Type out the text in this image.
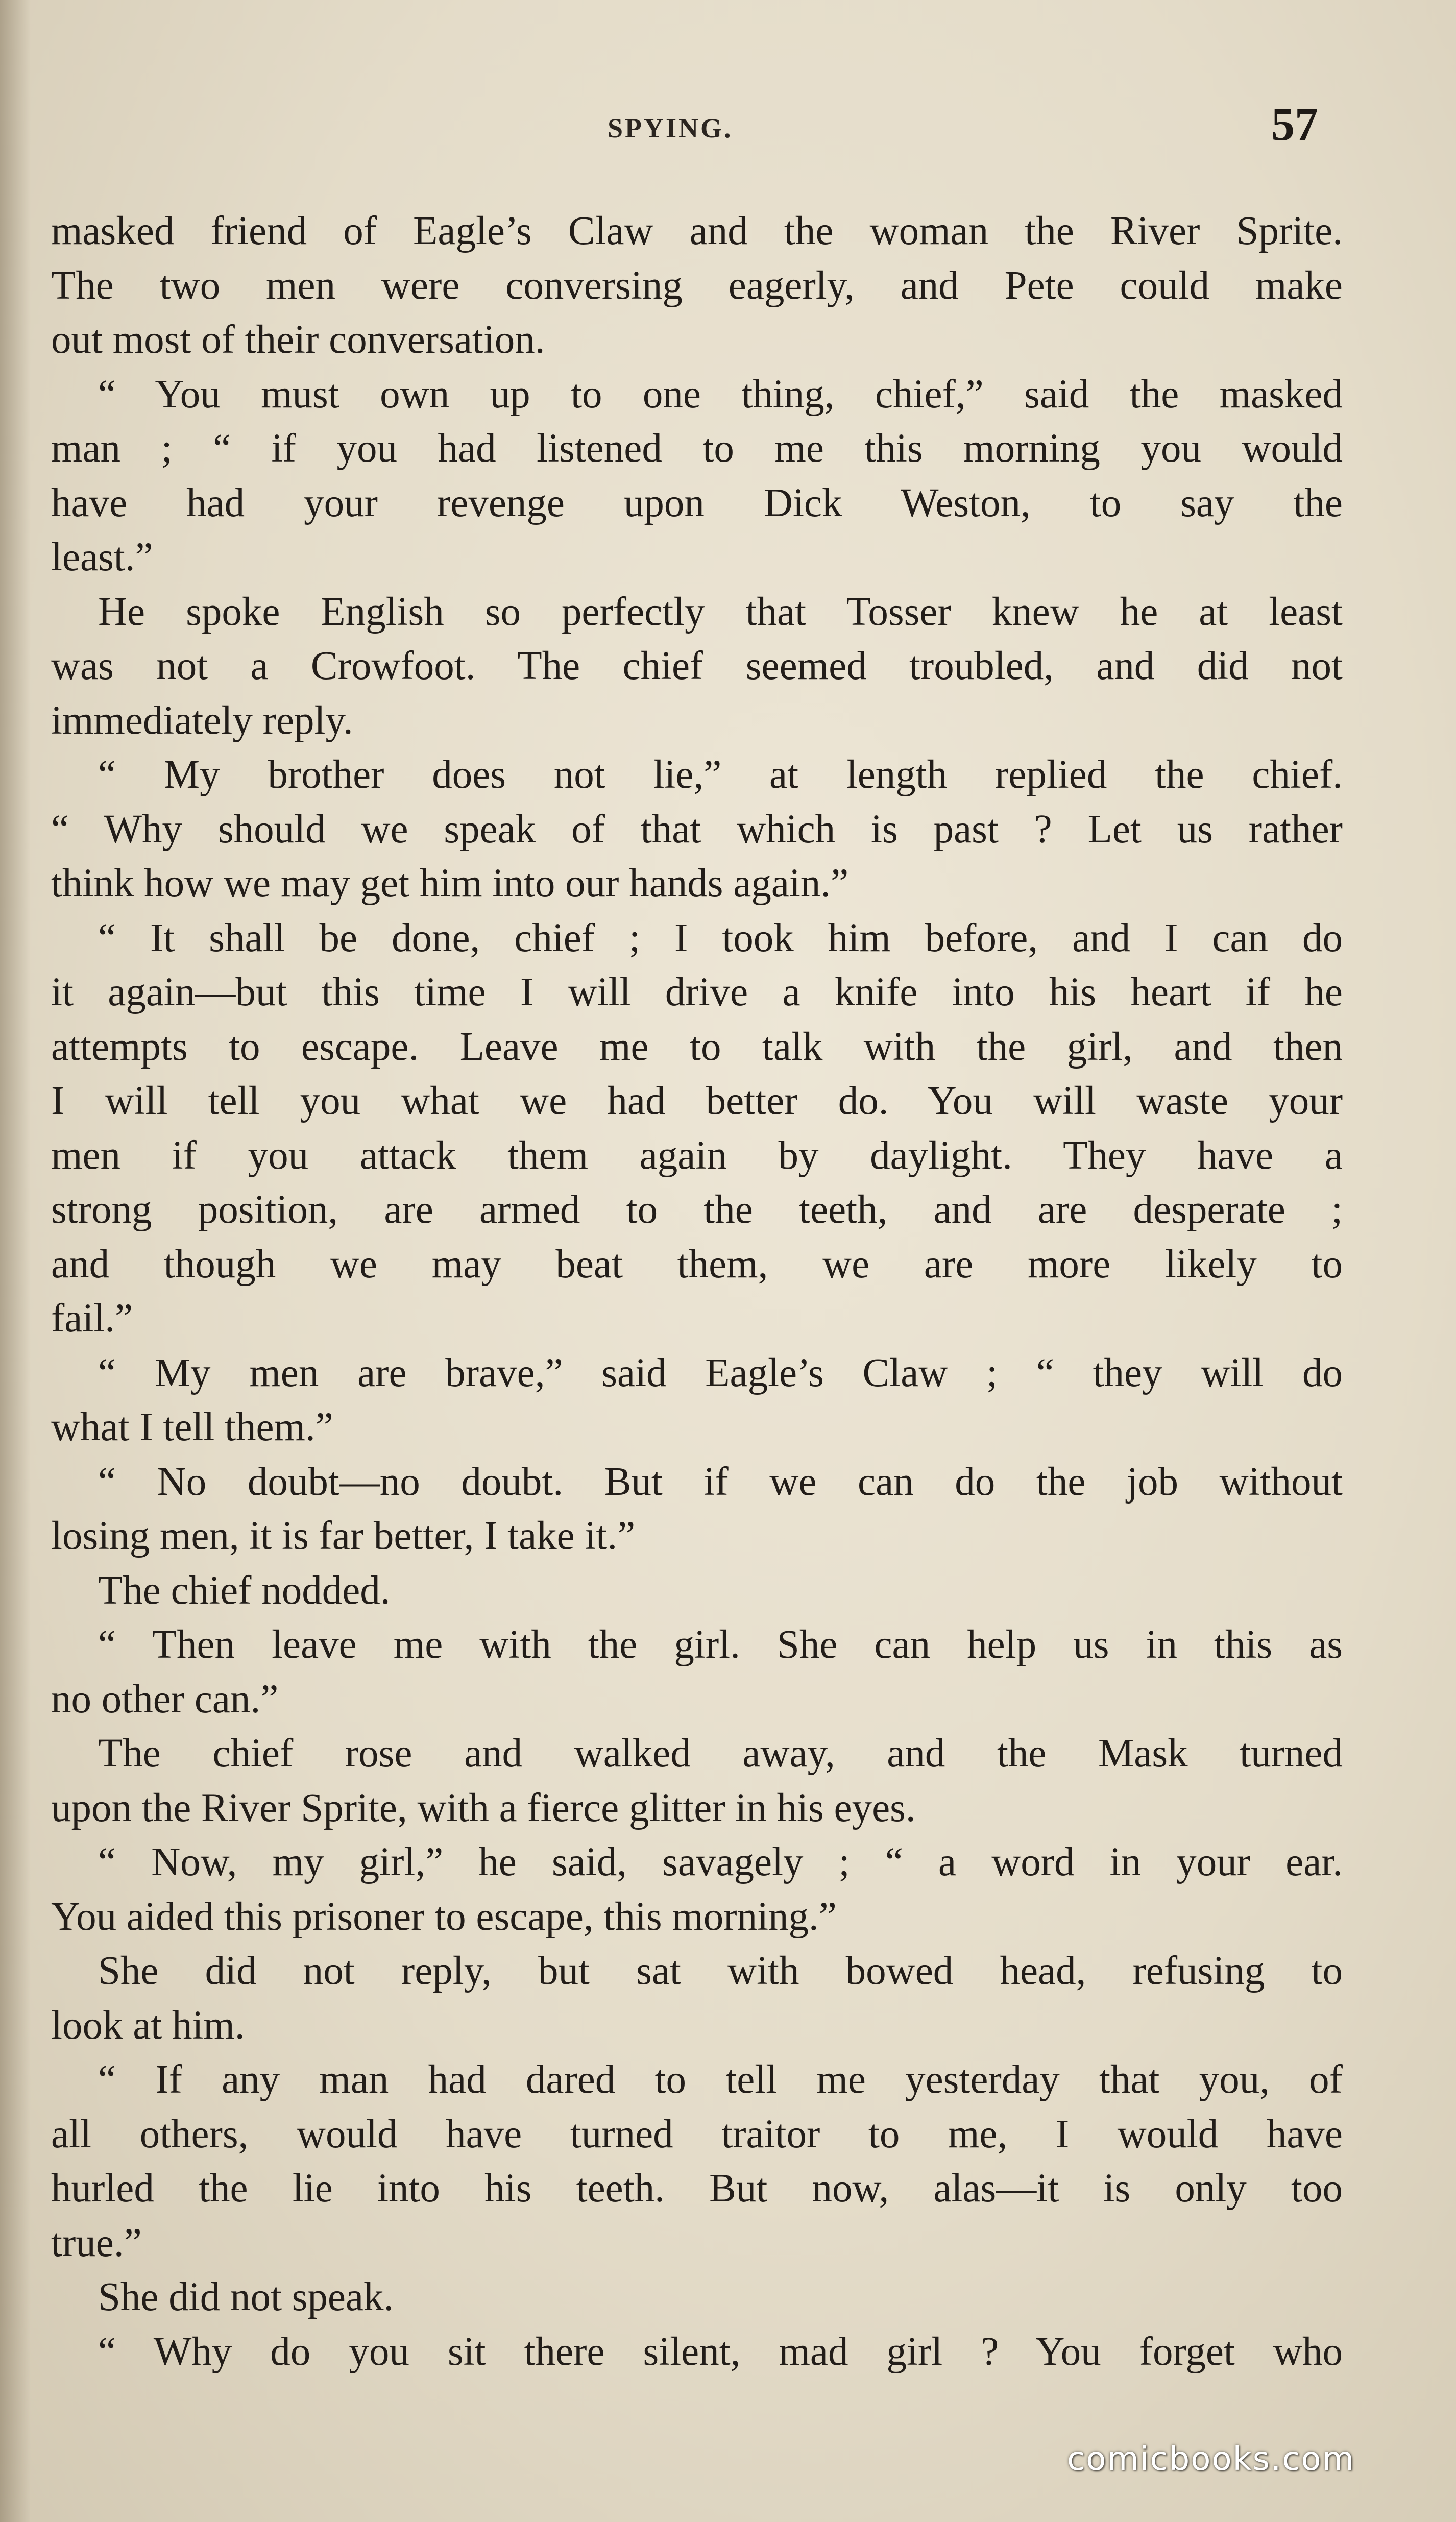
SPYING.	57
masked friend of Eagle’s Claw and the woman the River Sprite.
The two men were conversing eagerly, and Pete could make
out most of their conversation.
“ You must own up to one thing, chief,” said the masked
man ; “ if you had listened to me this morning you would
have had your revenge upon Dick Weston, to say the
least.”
He spoke English so perfectly that Tosser knew he at least
was not a Crowfoot. The chief seemed troubled, and did not
immediately reply.
“ My brother does not lie,” at length replied the chief.
“ Why should we speak of that which is past ? Let us rather
think how we may get him into our hands again.”
“ It shall be done, chief ; I took him before, and I can do
it again—but this time I will drive a knife into his heart if he
attempts to escape. Leave me to talk with the girl, and then
I will tell you what we had better do. You will waste your
men if you attack them again by daylight. They have a
strong position, are armed to the teeth, and are desperate ;
and though we may beat them, we are more likely to
fail.”
“ My men are brave,” said Eagle’s Claw ; “ they will do
what I tell them.”
“ No doubt—no doubt. But if we can do the job without
losing men, it is far better, I take it.”
The chief nodded.
“ Then leave me with the girl. She can help us in this as
no other can.”
The chief rose and walked away, and the Mask turned
upon the River Sprite, with a fierce glitter in his eyes.
“ Now, my girl,” he said, savagely ; “ a word in your ear.
You aided this prisoner to escape, this morning.”
She did not reply, but sat with bowed head, refusing to
look at him.
“ If any man had dared to tell me yesterday that you, of
all others, would have turned traitor to me, I would have
hurled the lie into his teeth. But now, alas—it is only too
true.”
She did not speak.
“ Why do you sit there silent, mad girl ? You forget who
comicbooks.com
